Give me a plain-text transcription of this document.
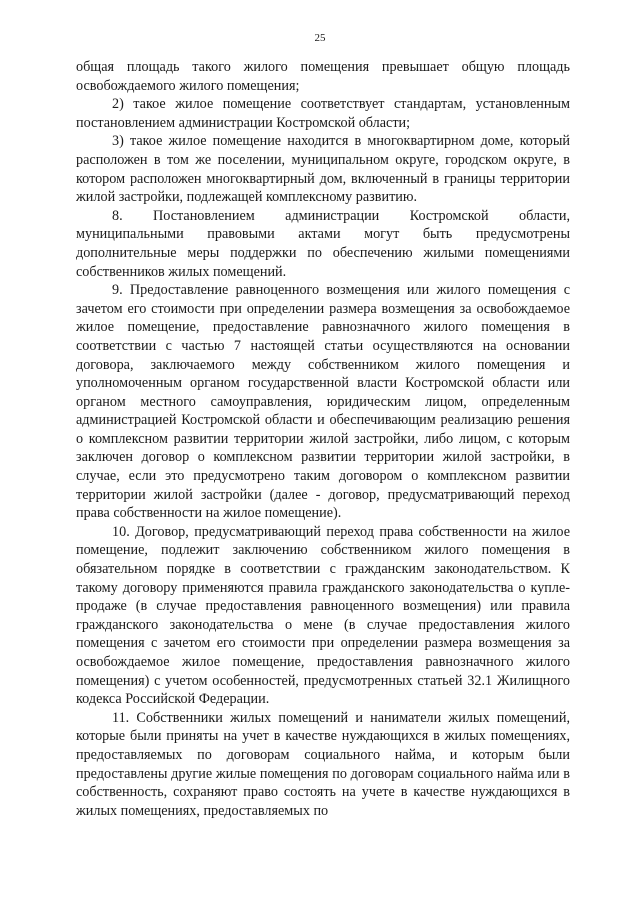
25

общая площадь такого жилого помещения превышает общую площадь освобождаемого жилого помещения;

2) такое жилое помещение соответствует стандартам, установленным постановлением администрации Костромской области;

3) такое жилое помещение находится в многоквартирном доме, который расположен в том же поселении, муниципальном округе, городском округе, в котором расположен многоквартирный дом, включенный в границы территории жилой застройки, подлежащей комплексному развитию.

8. Постановлением администрации Костромской области, муниципальными правовыми актами могут быть предусмотрены дополнительные меры поддержки по обеспечению жилыми помещениями собственников жилых помещений.

9. Предоставление равноценного возмещения или жилого помещения с зачетом его стоимости при определении размера возмещения за освобождаемое жилое помещение, предоставление равнозначного жилого помещения в соответствии с частью 7 настоящей статьи осуществляются на основании договора, заключаемого между собственником жилого помещения и уполномоченным органом государственной власти Костромской области или органом местного самоуправления, юридическим лицом, определенным администрацией Костромской области и обеспечивающим реализацию решения о комплексном развитии территории жилой застройки, либо лицом, с которым заключен договор о комплексном развитии территории жилой застройки, в случае, если это предусмотрено таким договором о комплексном развитии территории жилой застройки (далее - договор, предусматривающий переход права собственности на жилое помещение).

10. Договор, предусматривающий переход права собственности на жилое помещение, подлежит заключению собственником жилого помещения в обязательном порядке в соответствии с гражданским законодательством. К такому договору применяются правила гражданского законодательства о купле-продаже (в случае предоставления равноценного возмещения) или правила гражданского законодательства о мене (в случае предоставления жилого помещения с зачетом его стоимости при определении размера возмещения за освобождаемое жилое помещение, предоставления равнозначного жилого помещения) с учетом особенностей, предусмотренных статьей 32.1 Жилищного кодекса Российской Федерации.

11. Собственники жилых помещений и наниматели жилых помещений, которые были приняты на учет в качестве нуждающихся в жилых помещениях, предоставляемых по договорам социального найма, и которым были предоставлены другие жилые помещения по договорам социального найма или в собственность, сохраняют право состоять на учете в качестве нуждающихся в жилых помещениях, предоставляемых по
